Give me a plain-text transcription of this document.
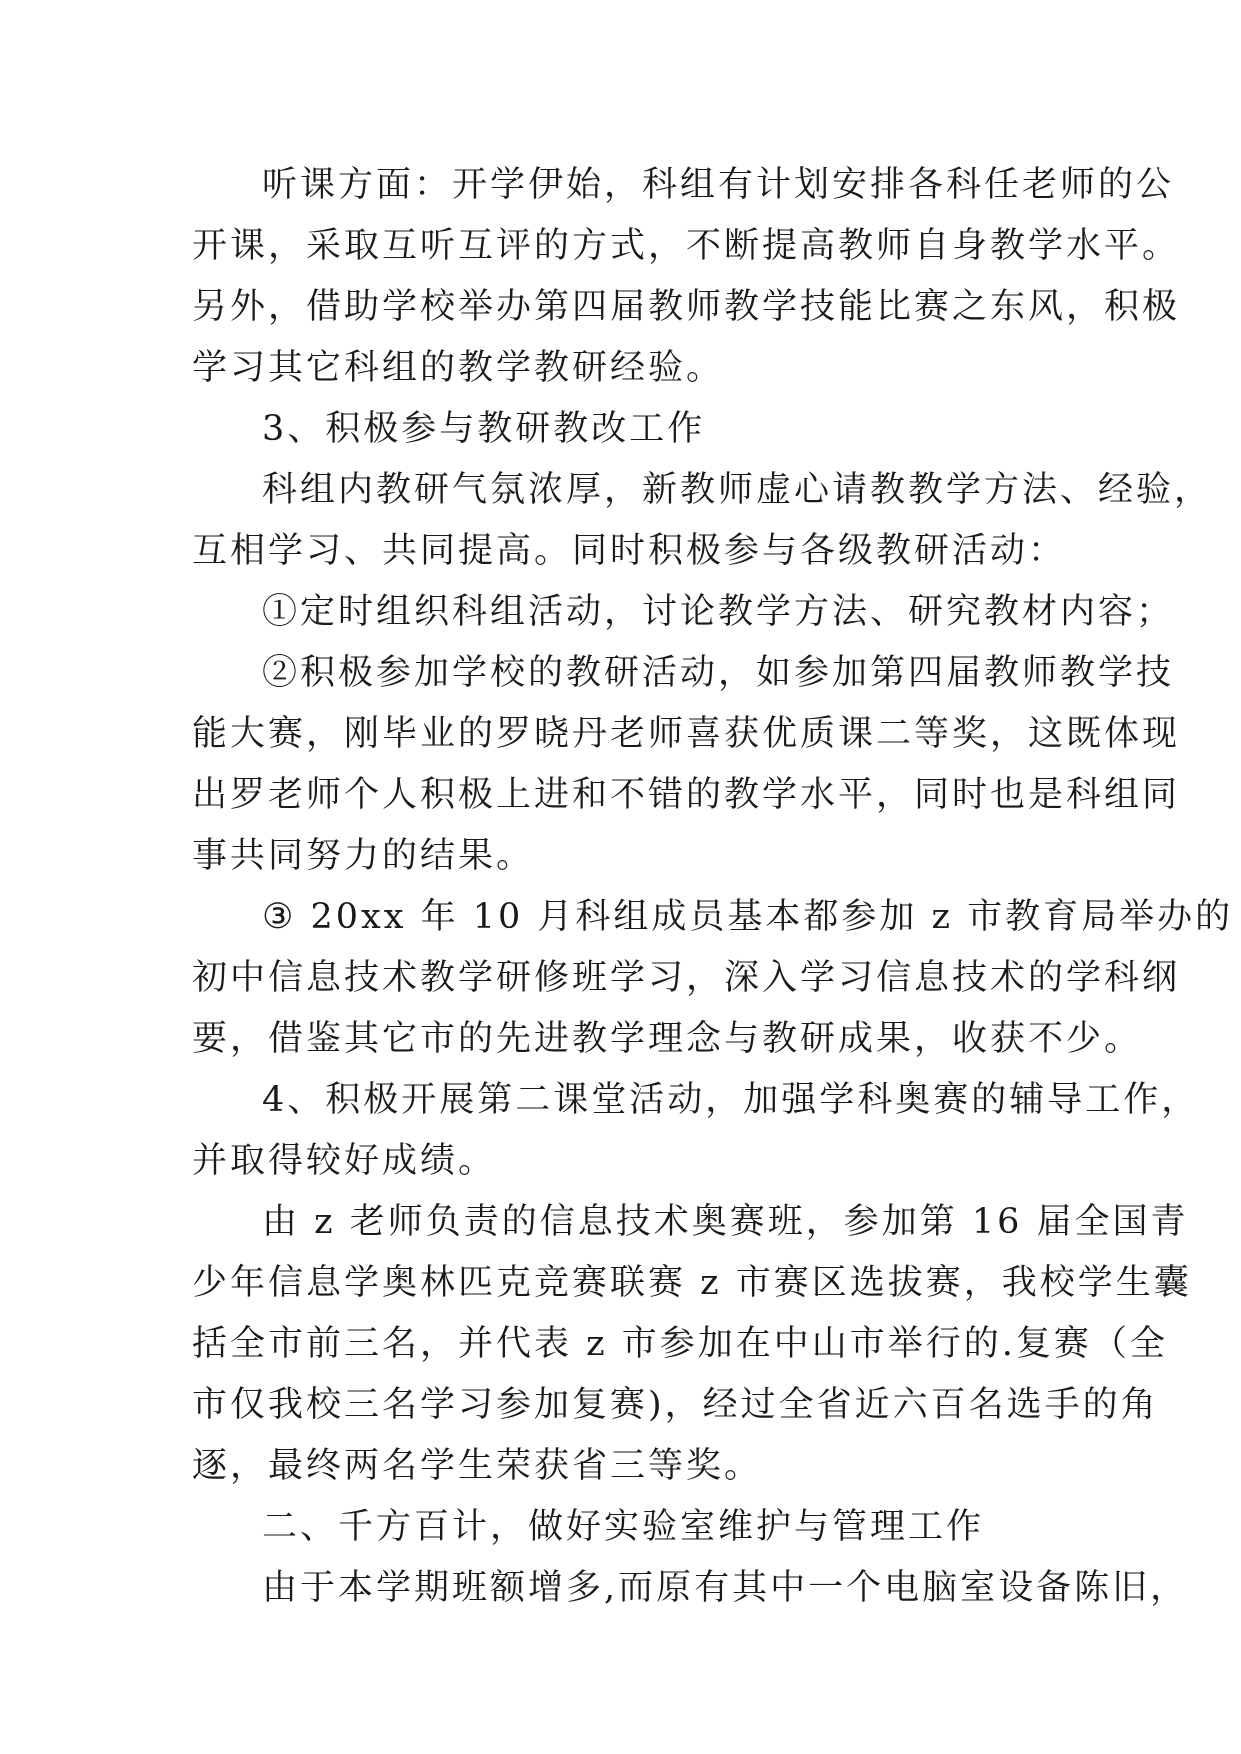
听课方面：开学伊始，科组有计划安排各科任老师的公
开课，采取互听互评的方式，不断提高教师自身教学水平。
另外，借助学校举办第四届教师教学技能比赛之东风，积极
学习其它科组的教学教研经验。
3、积极参与教研教改工作
科组内教研气氛浓厚，新教师虚心请教教学方法、经验，
互相学习、共同提高。同时积极参与各级教研活动：
①定时组织科组活动，讨论教学方法、研究教材内容；
②积极参加学校的教研活动，如参加第四届教师教学技
能大赛，刚毕业的罗晓丹老师喜获优质课二等奖，这既体现
出罗老师个人积极上进和不错的教学水平，同时也是科组同
事共同努力的结果。
③ 20xx 年 10 月科组成员基本都参加 z 市教育局举办的
初中信息技术教学研修班学习，深入学习信息技术的学科纲
要，借鉴其它市的先进教学理念与教研成果，收获不少。
4、积极开展第二课堂活动，加强学科奥赛的辅导工作，
并取得较好成绩。
由 z 老师负责的信息技术奥赛班，参加第 16 届全国青
少年信息学奥林匹克竞赛联赛 z 市赛区选拔赛，我校学生囊
括全市前三名，并代表 z 市参加在中山市举行的.复赛（全
市仅我校三名学习参加复赛)，经过全省近六百名选手的角
逐，最终两名学生荣获省三等奖。
二、千方百计，做好实验室维护与管理工作
由于本学期班额增多,而原有其中一个电脑室设备陈旧，
